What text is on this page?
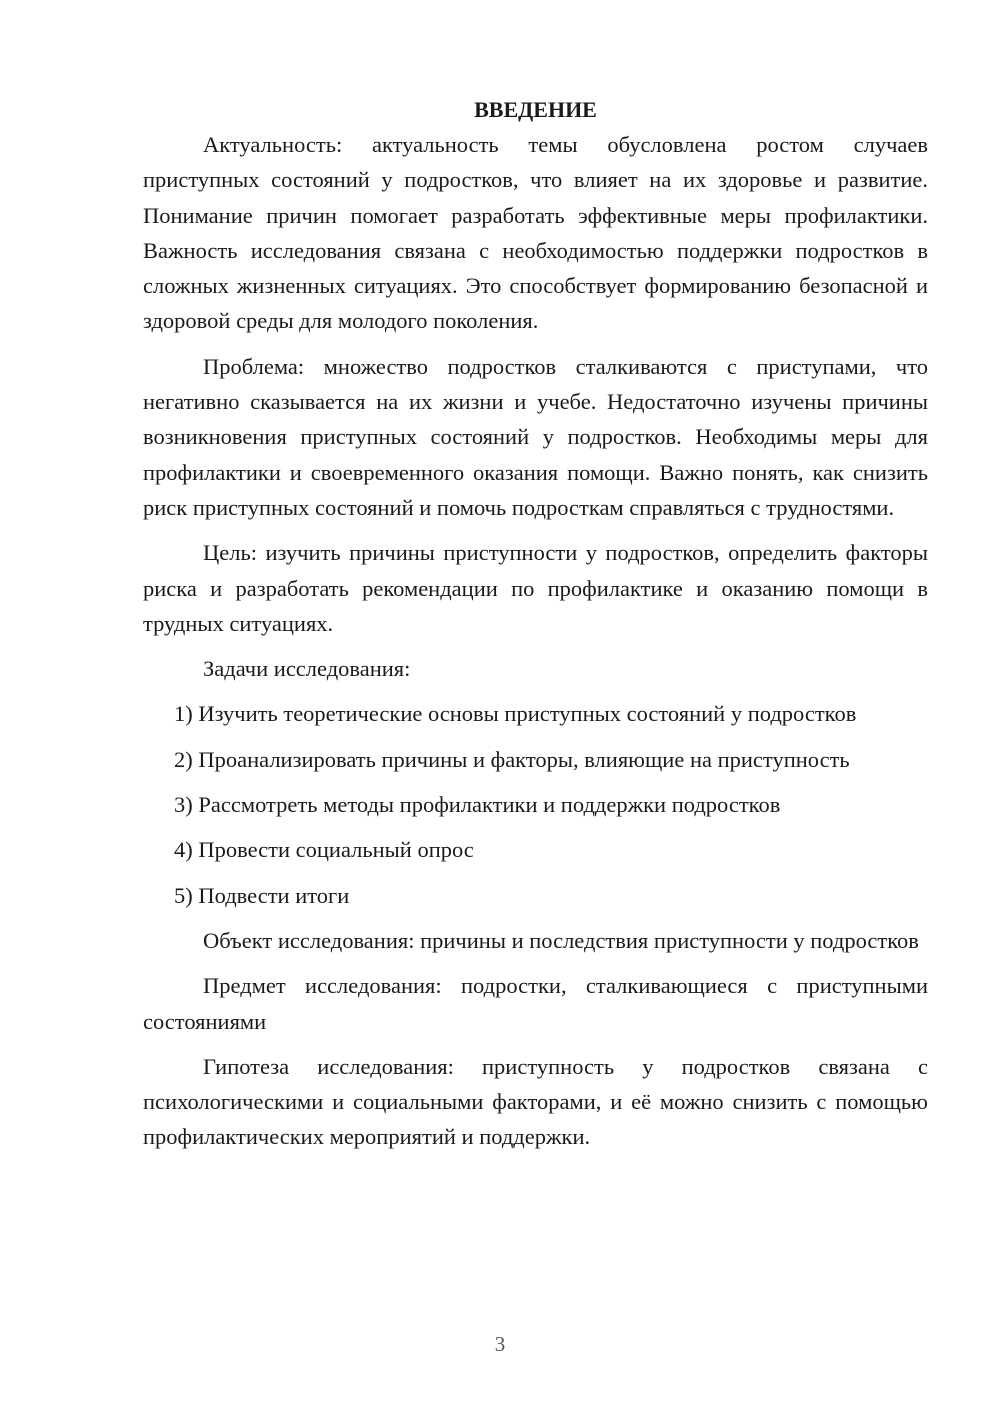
ВВЕДЕНИЕ

Актуальность: актуальность темы обусловлена ростом случаев приступных состояний у подростков, что влияет на их здоровье и развитие. Понимание причин помогает разработать эффективные меры профилактики. Важность исследования связана с необходимостью поддержки подростков в сложных жизненных ситуациях. Это способствует формированию безопасной и здоровой среды для молодого поколения.

Проблема: множество подростков сталкиваются с приступами, что негативно сказывается на их жизни и учебе. Недостаточно изучены причины возникновения приступных состояний у подростков. Необходимы меры для профилактики и своевременного оказания помощи. Важно понять, как снизить риск приступных состояний и помочь подросткам справляться с трудностями.

Цель: изучить причины приступности у подростков, определить факторы риска и разработать рекомендации по профилактике и оказанию помощи в трудных ситуациях.

Задачи исследования:

1) Изучить теоретические основы приступных состояний у подростков
2) Проанализировать причины и факторы, влияющие на приступность
3) Рассмотреть методы профилактики и поддержки подростков
4) Провести социальный опрос
5) Подвести итоги

Объект исследования: причины и последствия приступности у подростков

Предмет исследования: подростки, сталкивающиеся с приступными состояниями

Гипотеза исследования: приступность у подростков связана с психологическими и социальными факторами, и её можно снизить с помощью профилактических мероприятий и поддержки.

3
